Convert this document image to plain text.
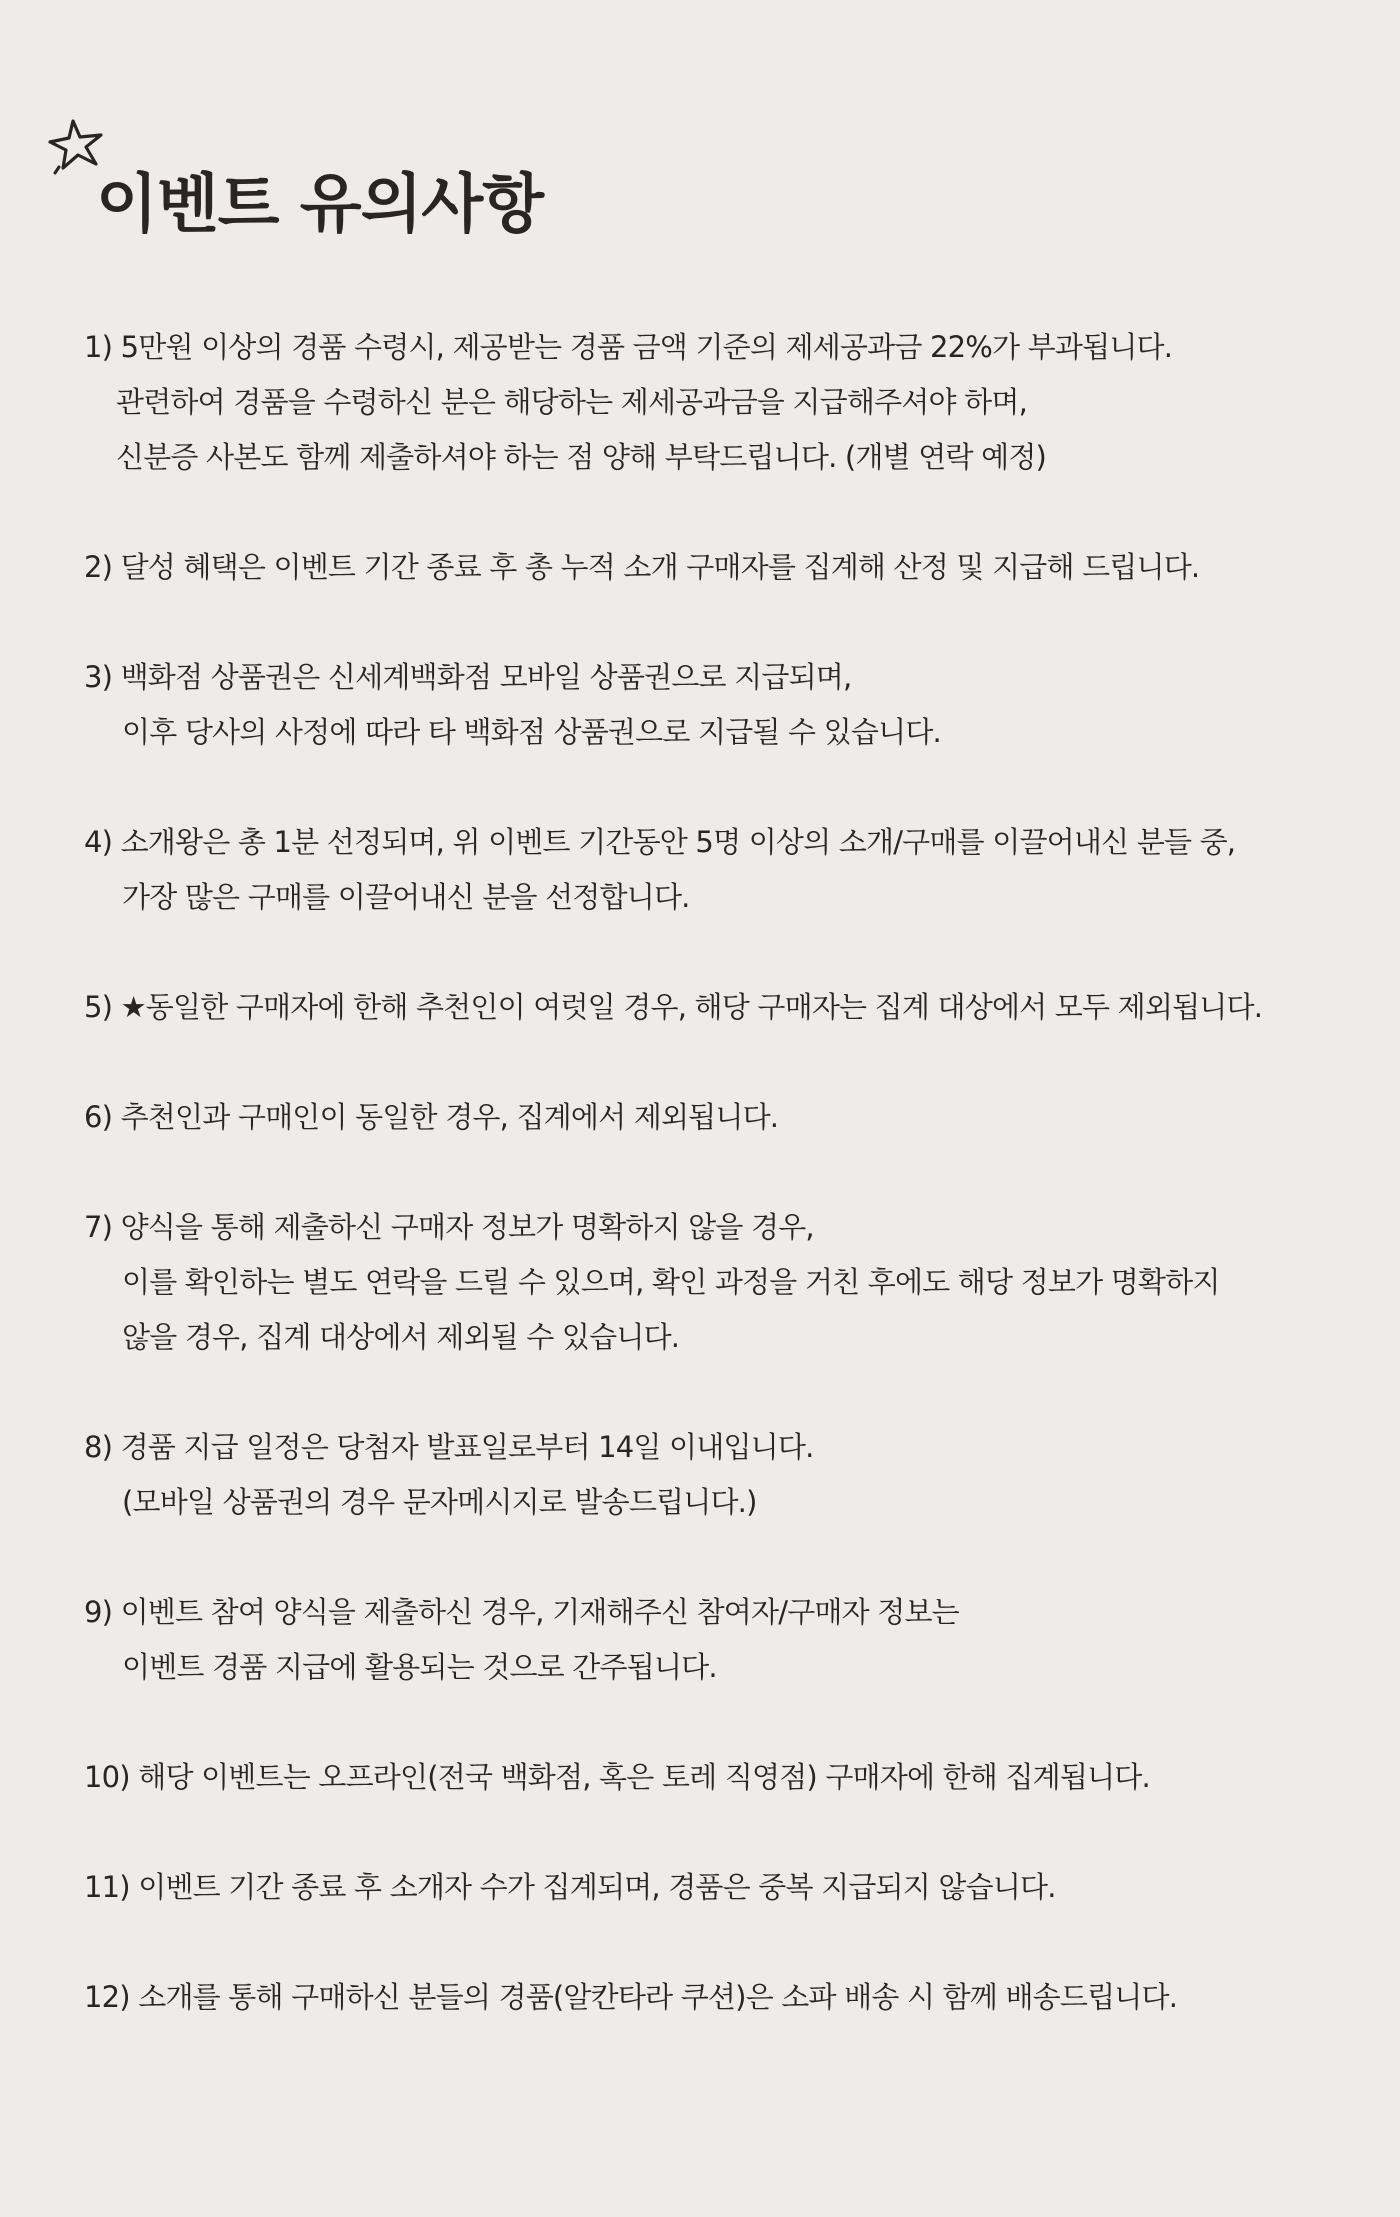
이벤트 유의사항
1) 5만원 이상의 경품 수령시, 제공받는 경품 금액 기준의 제세공과금 22%가 부과됩니다.
관련하여 경품을 수령하신 분은 해당하는 제세공과금을 지급해주셔야 하며,
신분증 사본도 함께 제출하셔야 하는 점 양해 부탁드립니다. (개별 연락 예정)
2) 달성 혜택은 이벤트 기간 종료 후 총 누적 소개 구매자를 집계해 산정 및 지급해 드립니다.
3) 백화점 상품권은 신세계백화점 모바일 상품권으로 지급되며,
이후 당사의 사정에 따라 타 백화점 상품권으로 지급될 수 있습니다.
4) 소개왕은 총 1분 선정되며, 위 이벤트 기간동안 5명 이상의 소개/구매를 이끌어내신 분들 중,
가장 많은 구매를 이끌어내신 분을 선정합니다.
5) ★동일한 구매자에 한해 추천인이 여럿일 경우, 해당 구매자는 집계 대상에서 모두 제외됩니다.
6) 추천인과 구매인이 동일한 경우, 집계에서 제외됩니다.
7) 양식을 통해 제출하신 구매자 정보가 명확하지 않을 경우,
이를 확인하는 별도 연락을 드릴 수 있으며, 확인 과정을 거친 후에도 해당 정보가 명확하지
않을 경우, 집계 대상에서 제외될 수 있습니다.
8) 경품 지급 일정은 당첨자 발표일로부터 14일 이내입니다.
(모바일 상품권의 경우 문자메시지로 발송드립니다.)
9) 이벤트 참여 양식을 제출하신 경우, 기재해주신 참여자/구매자 정보는
이벤트 경품 지급에 활용되는 것으로 간주됩니다.
10) 해당 이벤트는 오프라인(전국 백화점, 혹은 토레 직영점) 구매자에 한해 집계됩니다.
11) 이벤트 기간 종료 후 소개자 수가 집계되며, 경품은 중복 지급되지 않습니다.
12) 소개를 통해 구매하신 분들의 경품(알칸타라 쿠션)은 소파 배송 시 함께 배송드립니다.
